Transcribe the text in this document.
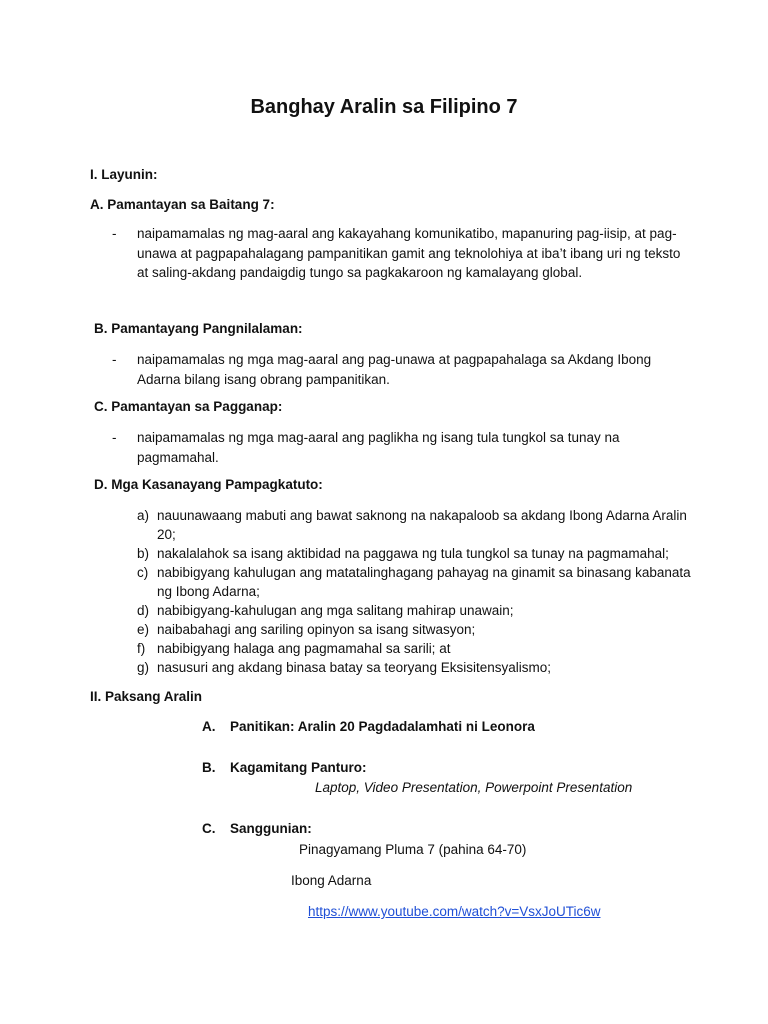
Banghay Aralin sa Filipino 7
I. Layunin:
A. Pamantayan sa Baitang 7:
- naipamamalas ng mag-aaral ang kakayahang komunikatibo, mapanuring pag-iisip, at pag-unawa at pagpapahalagang pampanitikan gamit ang teknolohiya at iba’t ibang uri ng teksto at saling-akdang pandaigdig tungo sa pagkakaroon ng kamalayang global.
B. Pamantayang Pangnilalaman:
- naipamamalas ng mga mag-aaral ang pag-unawa at pagpapahalaga sa Akdang Ibong Adarna bilang isang obrang pampanitikan.
C. Pamantayan sa Pagganap:
- naipamamalas ng mga mag-aaral ang paglikha ng isang tula tungkol sa tunay na pagmamahal.
D. Mga Kasanayang Pampagkatuto:
a) nauunawaang mabuti ang bawat saknong na nakapaloob sa akdang Ibong Adarna Aralin 20;
b) nakalalahok sa isang aktibidad na paggawa ng tula tungkol sa tunay na pagmamahal;
c) nabibigyang kahulugan ang matatalinghagang pahayag na ginamit sa binasang kabanata ng Ibong Adarna;
d) nabibigyang-kahulugan ang mga salitang mahirap unawain;
e) naibabahagi ang sariling opinyon sa isang sitwasyon;
f) nabibigyang halaga ang pagmamahal sa sarili; at
g) nasusuri ang akdang binasa batay sa teoryang Eksisitensyalismo;
II. Paksang Aralin
A. Panitikan: Aralin 20 Pagdadalamhati ni Leonora
B. Kagamitang Panturo:
Laptop, Video Presentation, Powerpoint Presentation
C. Sanggunian:
Pinagyamang Pluma 7 (pahina 64-70)
Ibong Adarna
https://www.youtube.com/watch?v=VsxJoUTic6w
